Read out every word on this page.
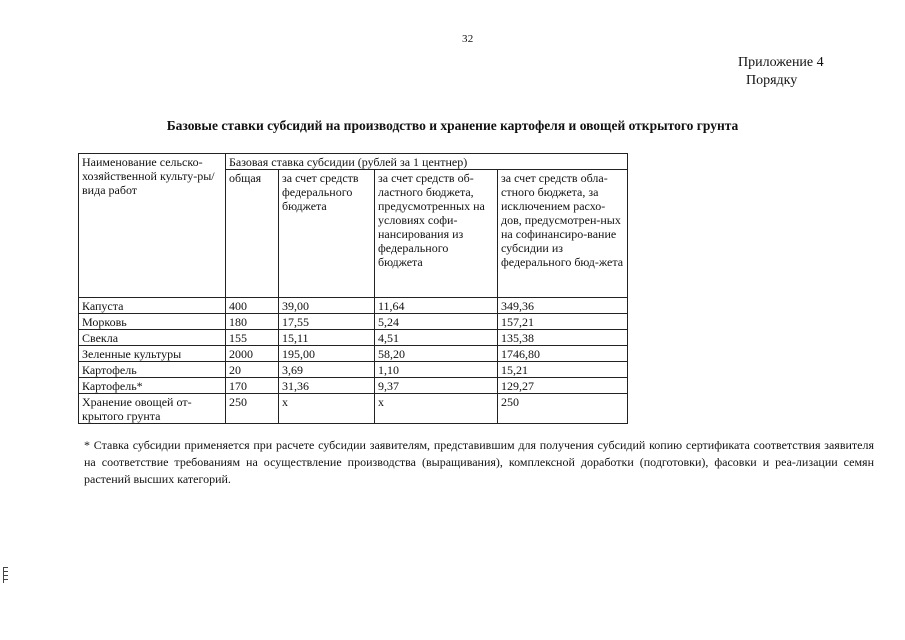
32
Приложение 4
Порядку
Базовые ставки субсидий на производство и хранение картофеля и овощей открытого грунта
Наименование сельско-хозяйственной культу-ры/ вида работ	Базовая ставка субсидии (рублей за 1 центнер)			
	общая	за счет средств федерального бюджета	за счет средств об-ластного бюджета, предусмотренных на условиях софи-нансирования из федерального бюджета	за счет средств обла-стного бюджета, за исключением расхо-дов, предусмотрен-ных на софинансиро-вание субсидии из федерального бюд-жета
Капуста	400	39,00	11,64	349,36
Морковь	180	17,55	5,24	157,21
Свекла	155	15,11	4,51	135,38
Зеленные культуры	2000	195,00	58,20	1746,80
Картофель	20	3,69	1,10	15,21
Картофель*	170	31,36	9,37	129,27
Хранение овощей от-крытого грунта	250	х	х	250
* Ставка субсидии применяется при расчете субсидии заявителям, представившим для получения субсидий копию сертификата соответствия заявителя на соответствие требованиям на осуществление производства (выращивания), комплексной доработки (подготовки), фасовки и реа-лизации семян растений высших категорий.
